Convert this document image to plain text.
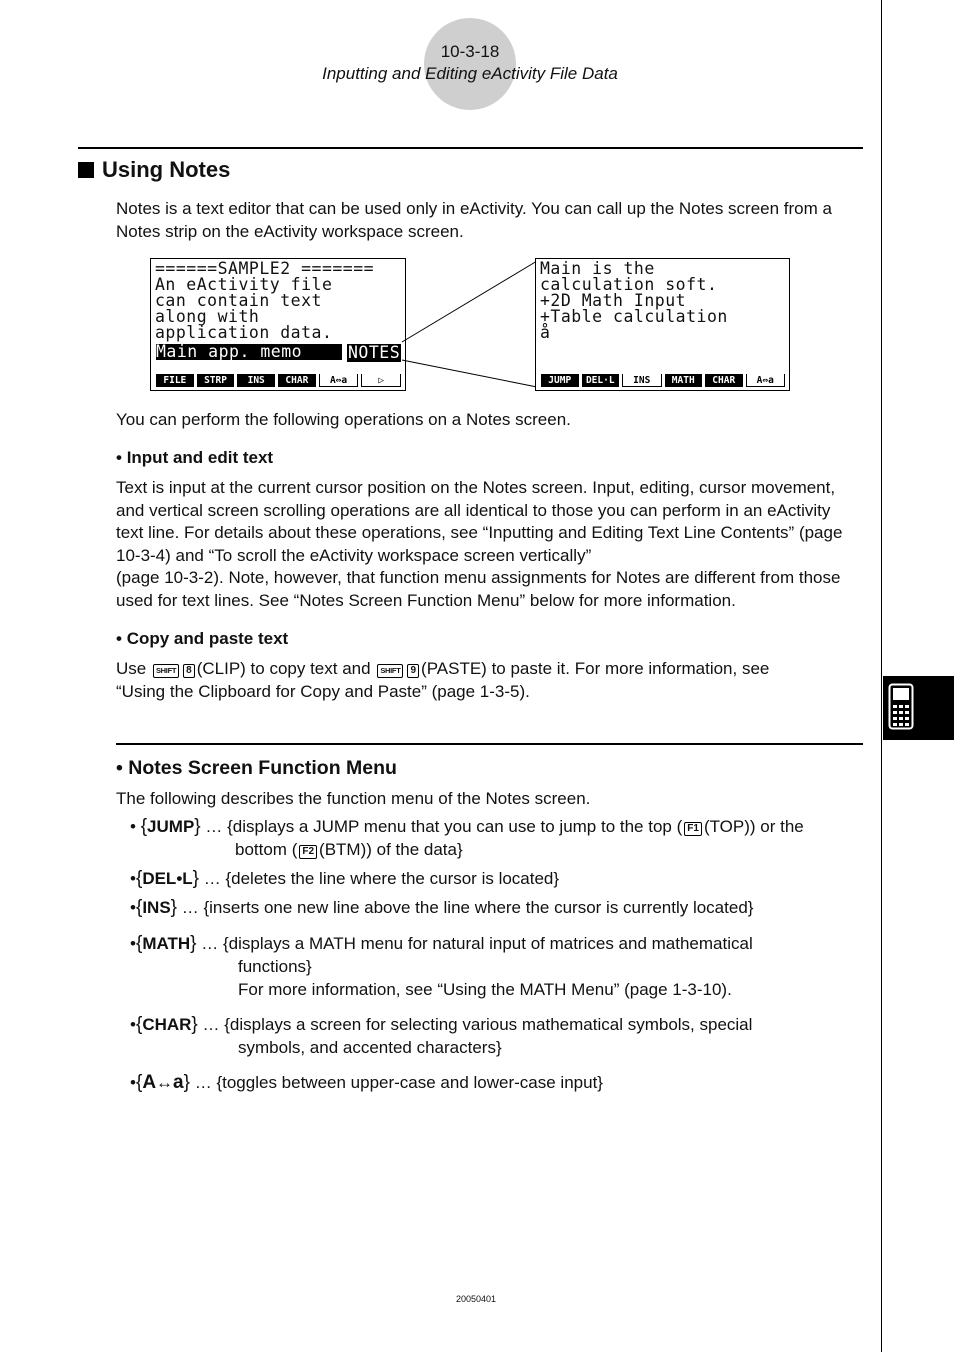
10-3-18
Inputting and Editing eActivity File Data
Using Notes
Notes is a text editor that can be used only in eActivity. You can call up the Notes screen from a Notes strip on the eActivity workspace screen.
======SAMPLE2 =======
An eActivity file
can contain text
along with
application data.
Main app. memo	NOTES
FILE	STRP	INS	CHAR	A⇔a	▷
Main is the
calculation soft.
+2D Math Input
+Table calculation
å
JUMP	DEL·L	INS	MATH	CHAR	A⇔a
You can perform the following operations on a Notes screen.
• Input and edit text
Text is input at the current cursor position on the Notes screen. Input, editing, cursor movement, and vertical screen scrolling operations are all identical to those you can perform in an eActivity text line. For details about these operations, see “Inputting and Editing Text Line Contents” (page 10-3-4) and “To scroll the eActivity workspace screen vertically”
(page 10-3-2). Note, however, that function menu assignments for Notes are different from those used for text lines. See “Notes Screen Function Menu” below for more information.
• Copy and paste text
Use SHIFT 8 (CLIP) to copy text and SHIFT 9 (PASTE) to paste it. For more information, see
“Using the Clipboard for Copy and Paste” (page 1-3-5).
• Notes Screen Function Menu
The following describes the function menu of the Notes screen.
• {JUMP} … {displays a JUMP menu that you can use to jump to the top ( F1 (TOP)) or the
bottom ( F2 (BTM)) of the data}
•{DEL•L} … {deletes the line where the cursor is located}
•{INS} … {inserts one new line above the line where the cursor is currently located}
•{MATH} … {displays a MATH menu for natural input of matrices and mathematical
functions}
For more information, see “Using the MATH Menu” (page 1-3-10).
•{CHAR} … {displays a screen for selecting various mathematical symbols, special
symbols, and accented characters}
•{A↔a} … {toggles between upper-case and lower-case input}
20050401
